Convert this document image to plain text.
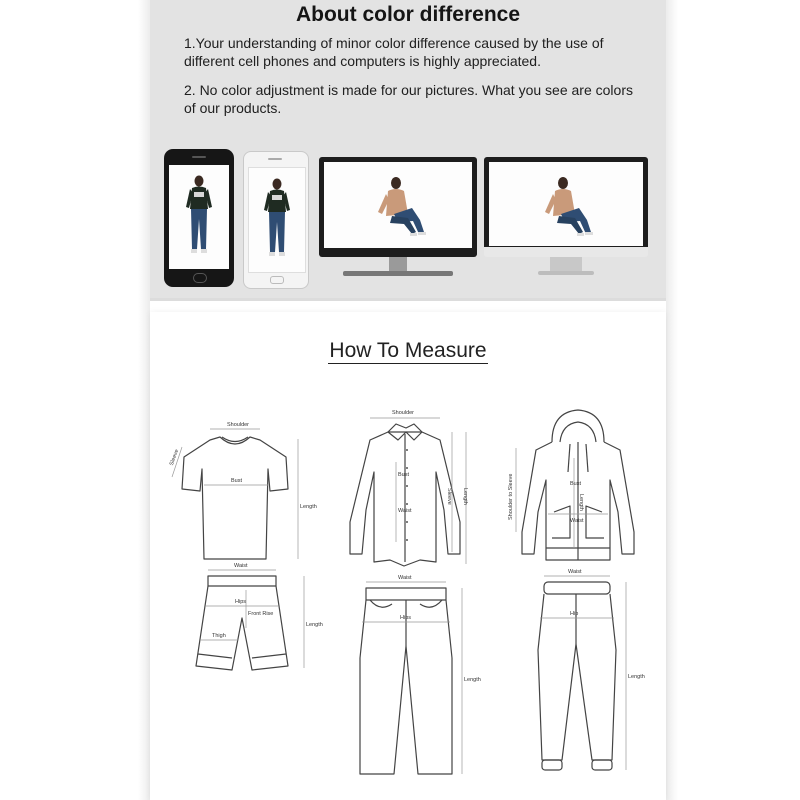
About color difference
1.Your understanding of minor color difference caused by the use of different cell phones and computers is highly appreciated.
2. No color adjustment is made for our pictures. What you see are colors of our products.
How To Measure
Shoulder
Bust
Length
Sleeve
Shoulder
Bust
Waist
Sleeve Length	Shoulder to Sleeve	Length
Bust
Waist
Waist
Hips
Front Rise
Thigh
Length
Waist
Hips
Length
Waist
Hip
Length
